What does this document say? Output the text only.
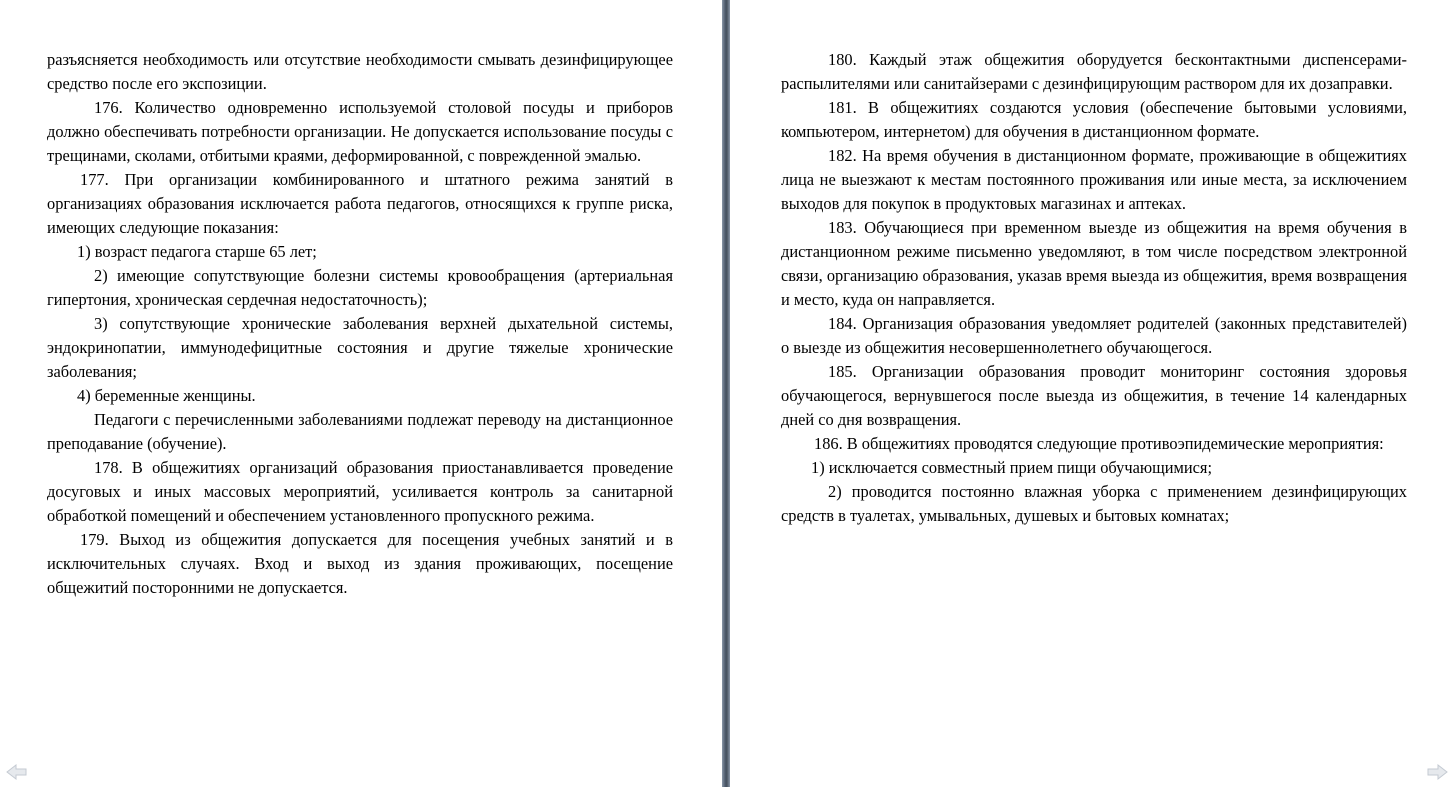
разъясняется необходимость или отсутствие необходимости смывать дезинфицирующее средство после его экспозиции.

176. Количество одновременно используемой столовой посуды и приборов должно обеспечивать потребности организации. Не допускается использование посуды с трещинами, сколами, отбитыми краями, деформированной, с поврежденной эмалью.

177. При организации комбинированного и штатного режима занятий в организациях образования исключается работа педагогов, относящихся к группе риска, имеющих следующие показания:

1) возраст педагога старше 65 лет;

2) имеющие сопутствующие болезни системы кровообращения (артериальная гипертония, хроническая сердечная недостаточность);

3) сопутствующие хронические заболевания верхней дыхательной системы, эндокринопатии, иммунодефицитные состояния и другие тяжелые хронические заболевания;

4) беременные женщины.

Педагоги с перечисленными заболеваниями подлежат переводу на дистанционное преподавание (обучение).

178. В общежитиях организаций образования приостанавливается проведение досуговых и иных массовых мероприятий, усиливается контроль за санитарной обработкой помещений и обеспечением установленного пропускного режима.

179. Выход из общежития допускается для посещения учебных занятий и в исключительных случаях. Вход и выход из здания проживающих, посещение общежитий посторонними не допускается.

180. Каждый этаж общежития оборудуется бесконтактными диспенсерами-распылителями или санитайзерами с дезинфицирующим раствором для их дозаправки.

181. В общежитиях создаются условия (обеспечение бытовыми условиями, компьютером, интернетом) для обучения в дистанционном формате.

182. На время обучения в дистанционном формате, проживающие в общежитиях лица не выезжают к местам постоянного проживания или иные места, за исключением выходов для покупок в продуктовых магазинах и аптеках.

183. Обучающиеся при временном выезде из общежития на время обучения в дистанционном режиме письменно уведомляют, в том числе посредством электронной связи, организацию образования, указав время выезда из общежития, время возвращения и место, куда он направляется.

184. Организация образования уведомляет родителей (законных представителей) о выезде из общежития несовершеннолетнего обучающегося.

185. Организации образования проводит мониторинг состояния здоровья обучающегося, вернувшегося после выезда из общежития, в течение 14 календарных дней со дня возвращения.

186. В общежитиях проводятся следующие противоэпидемические мероприятия:

1) исключается совместный прием пищи обучающимися;

2) проводится постоянно влажная уборка с применением дезинфицирующих средств в туалетах, умывальных, душевых и бытовых комнатах;
